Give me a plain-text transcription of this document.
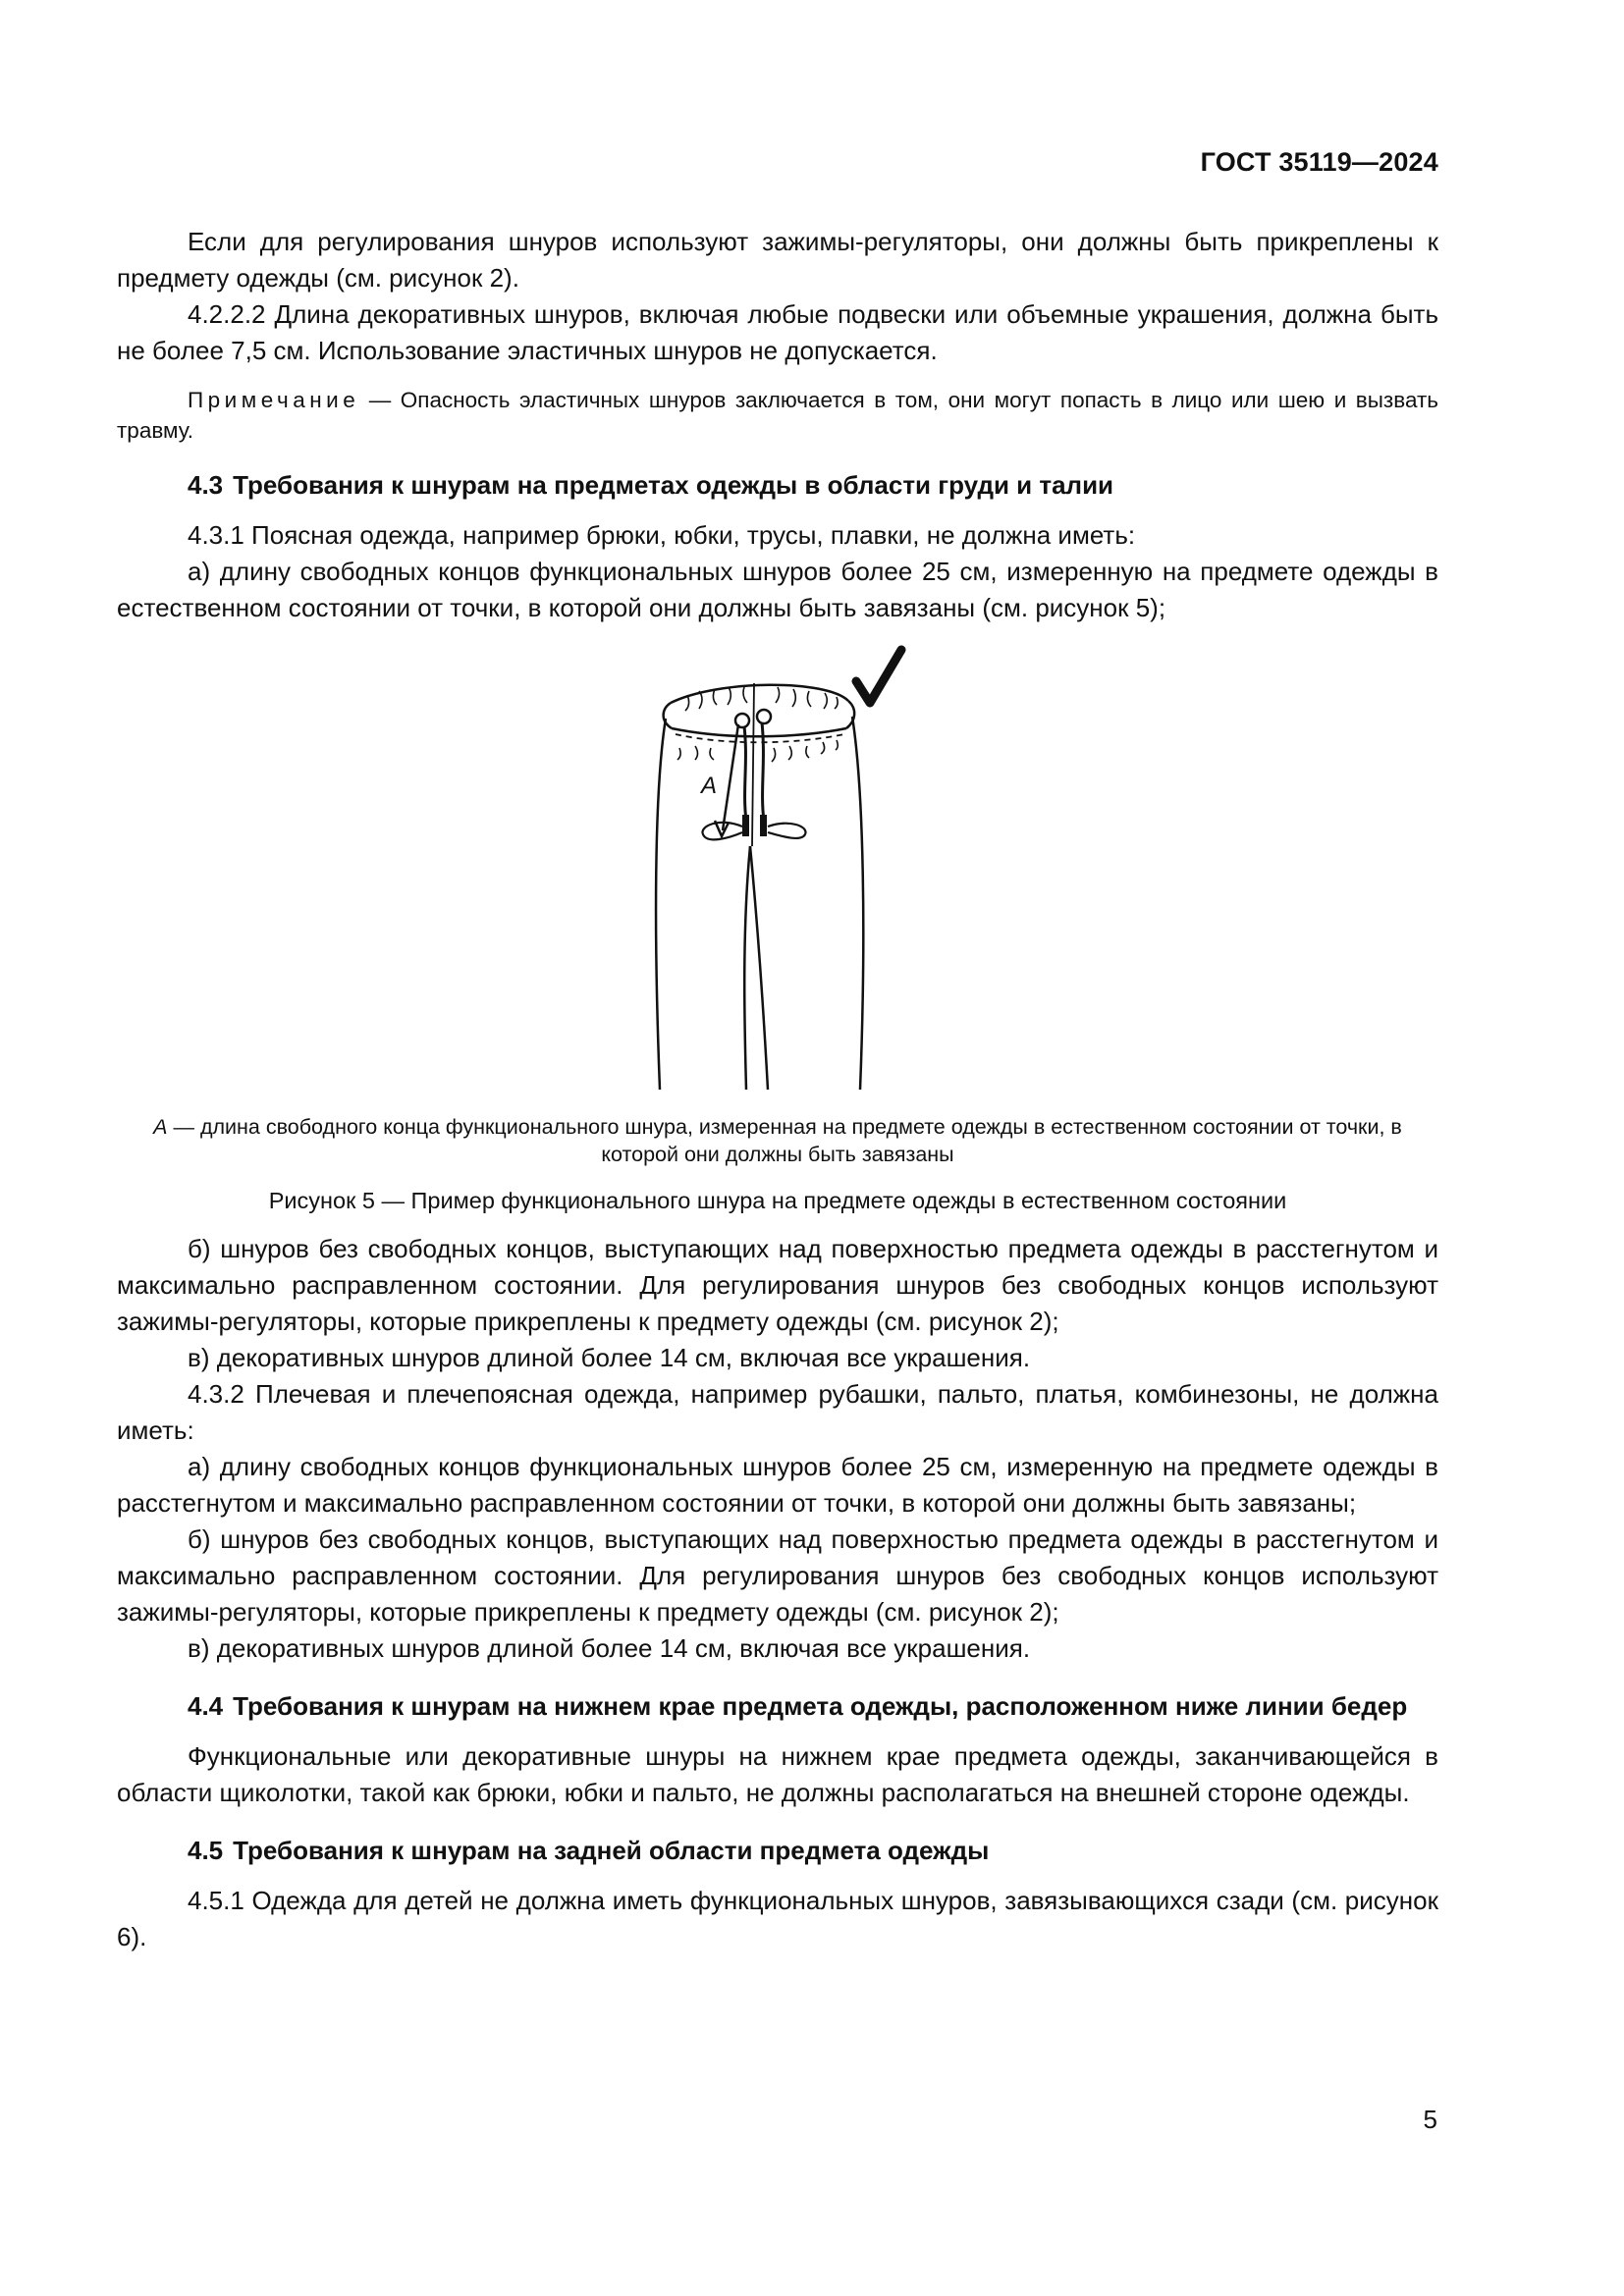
ГОСТ 35119—2024

Если для регулирования шнуров используют зажимы-регуляторы, они должны быть прикреплены к предмету одежды (см. рисунок 2).

4.2.2.2 Длина декоративных шнуров, включая любые подвески или объемные украшения, должна быть не более 7,5 см. Использование эластичных шнуров не допускается.

Примечание — Опасность эластичных шнуров заключается в том, они могут попасть в лицо или шею и вызвать травму.

4.3 Требования к шнурам на предметах одежды в области груди и талии

4.3.1 Поясная одежда, например брюки, юбки, трусы, плавки, не должна иметь:

а) длину свободных концов функциональных шнуров более 25 см, измеренную на предмете одежды в естественном состоянии от точки, в которой они должны быть завязаны (см. рисунок 5);

A

A — длина свободного конца функционального шнура, измеренная на предмете одежды в естественном состоянии от точки, в которой они должны быть завязаны

Рисунок 5 — Пример функционального шнура на предмете одежды в естественном состоянии

б) шнуров без свободных концов, выступающих над поверхностью предмета одежды в расстегнутом и максимально расправленном состоянии. Для регулирования шнуров без свободных концов используют зажимы-регуляторы, которые прикреплены к предмету одежды (см. рисунок 2);

в) декоративных шнуров длиной более 14 см, включая все украшения.

4.3.2 Плечевая и плечепоясная одежда, например рубашки, пальто, платья, комбинезоны, не должна иметь:

а) длину свободных концов функциональных шнуров более 25 см, измеренную на предмете одежды в расстегнутом и максимально расправленном состоянии от точки, в которой они должны быть завязаны;

б) шнуров без свободных концов, выступающих над поверхностью предмета одежды в расстегнутом и максимально расправленном состоянии. Для регулирования шнуров без свободных концов используют зажимы-регуляторы, которые прикреплены к предмету одежды (см. рисунок 2);

в) декоративных шнуров длиной более 14 см, включая все украшения.

4.4 Требования к шнурам на нижнем крае предмета одежды, расположенном ниже линии бедер

Функциональные или декоративные шнуры на нижнем крае предмета одежды, заканчивающейся в области щиколотки, такой как брюки, юбки и пальто, не должны располагаться на внешней стороне одежды.

4.5 Требования к шнурам на задней области предмета одежды

4.5.1 Одежда для детей не должна иметь функциональных шнуров, завязывающихся сзади (см. рисунок 6).

5
